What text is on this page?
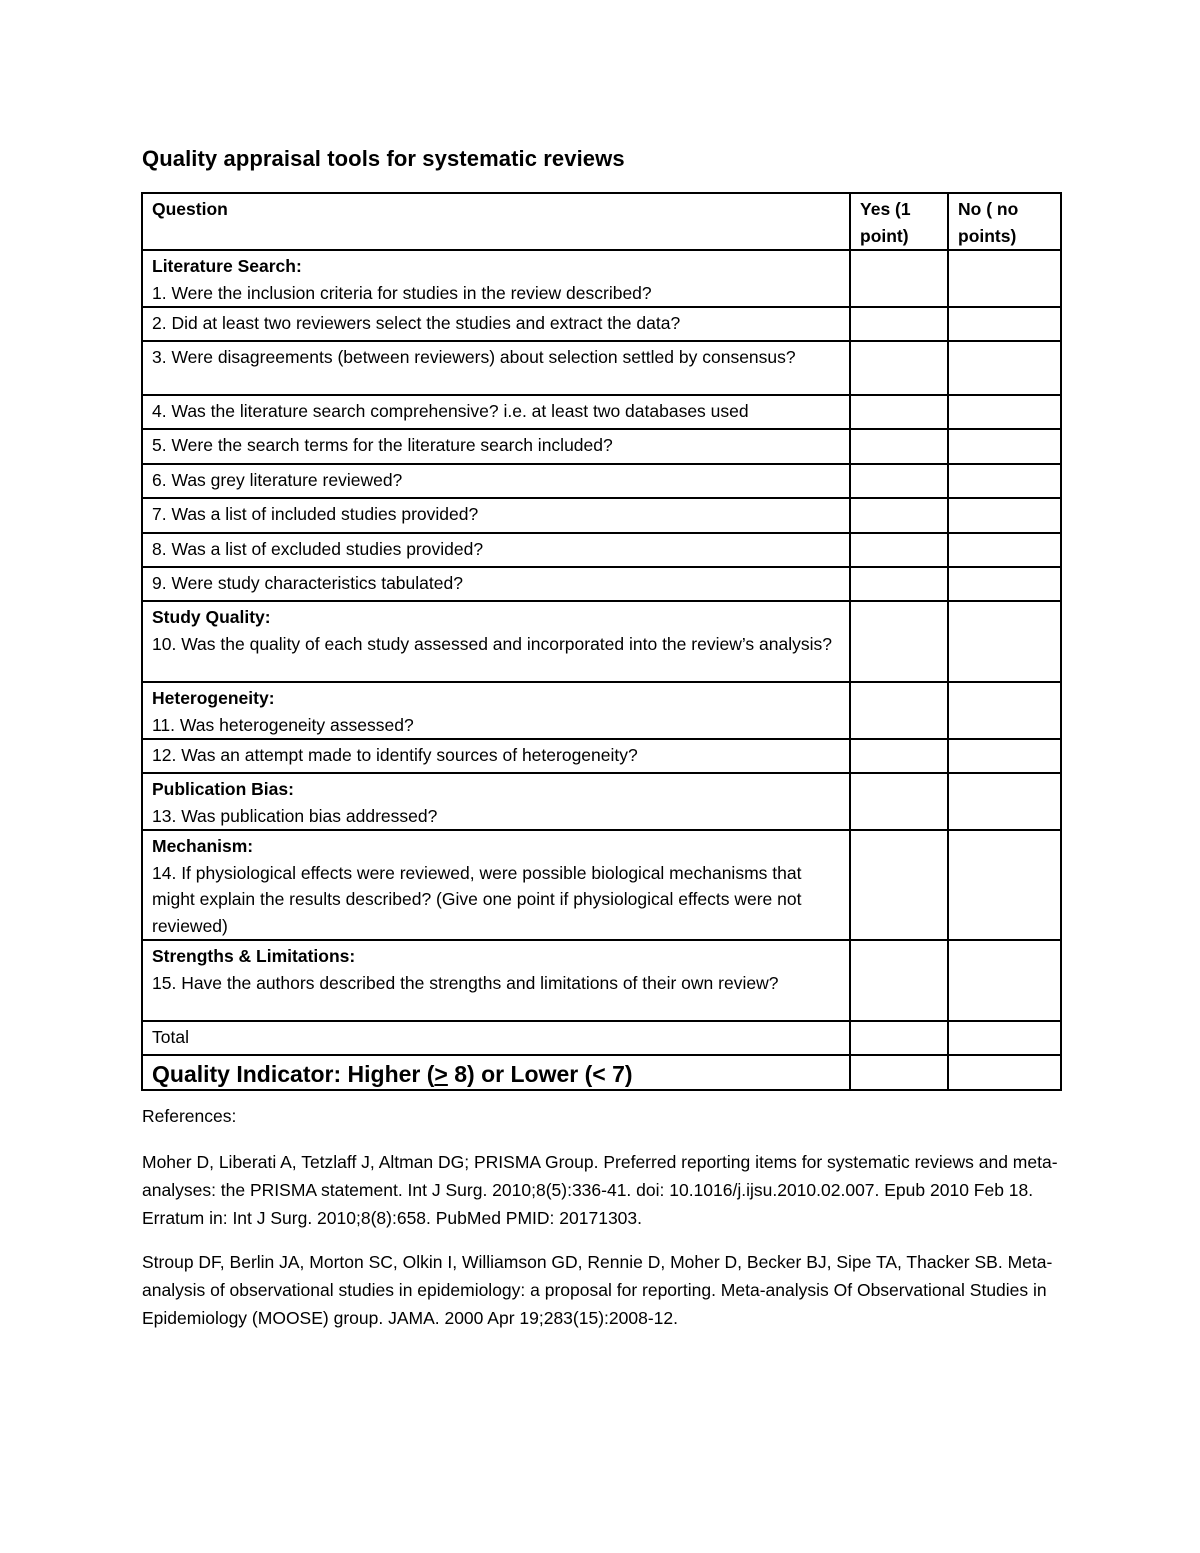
Quality appraisal tools for systematic reviews
Question	Yes (1 point)	No ( no points)

Literature Search:
1. Were the inclusion criteria for studies in the review described?		

2. Did at least two reviewers select the studies and extract the data?		

3. Were disagreements (between reviewers) about selection settled by consensus?		

4. Was the literature search comprehensive? i.e. at least two databases used		

5. Were the search terms for the literature search included?		

6. Was grey literature reviewed?		

7. Was a list of included studies provided?		

8. Was a list of excluded studies provided?		

9. Were study characteristics tabulated?		

Study Quality:
10. Was the quality of each study assessed and incorporated into the review’s analysis?		

Heterogeneity:
11. Was heterogeneity assessed?		

12. Was an attempt made to identify sources of heterogeneity?		

Publication Bias:
13. Was publication bias addressed?		

Mechanism:
14. If physiological effects were reviewed, were possible biological mechanisms that might explain the results described? (Give one point if physiological effects were not reviewed)		

Strengths & Limitations:
15. Have the authors described the strengths and limitations of their own review?		

Total		

Quality Indicator: Higher (≥ 8) or Lower (< 7)		

References:

Moher D, Liberati A, Tetzlaff J, Altman DG; PRISMA Group. Preferred reporting items for systematic reviews and meta-analyses: the PRISMA statement. Int J Surg. 2010;8(5):336-41. doi: 10.1016/j.ijsu.2010.02.007. Epub 2010 Feb 18. Erratum in: Int J Surg. 2010;8(8):658. PubMed PMID: 20171303.

Stroup DF, Berlin JA, Morton SC, Olkin I, Williamson GD, Rennie D, Moher D, Becker BJ, Sipe TA, Thacker SB. Meta-analysis of observational studies in epidemiology: a proposal for reporting. Meta-analysis Of Observational Studies in Epidemiology (MOOSE) group. JAMA. 2000 Apr 19;283(15):2008-12.
